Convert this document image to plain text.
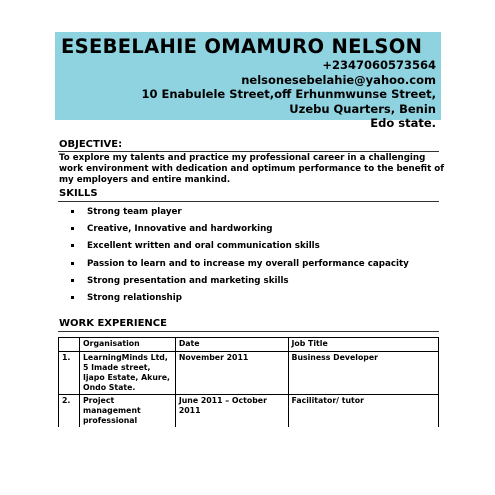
ESEBELAHIE OMAMURO NELSON
+2347060573564
nelsonesebelahie@yahoo.com
10 Enabulele Street,off Erhunmwunse Street,
Uzebu Quarters, Benin
Edo state.
OBJECTIVE:
To explore my talents and practice my professional career in a challenging work environment with dedication and optimum performance to the benefit of my employers and entire mankind.
SKILLS
Strong team player
Creative, Innovative and hardworking
Excellent written and oral communication skills
Passion to learn and to increase my overall performance capacity
Strong presentation and marketing skills
Strong relationship
WORK EXPERIENCE
	Organisation	Date	Job Title
1.	LearningMinds Ltd, 5 Imade street, Ijapo Estate, Akure, Ondo State.	November 2011	Business Developer
2.	Project management professional	June 2011 – October 2011	Facilitator/ tutor
